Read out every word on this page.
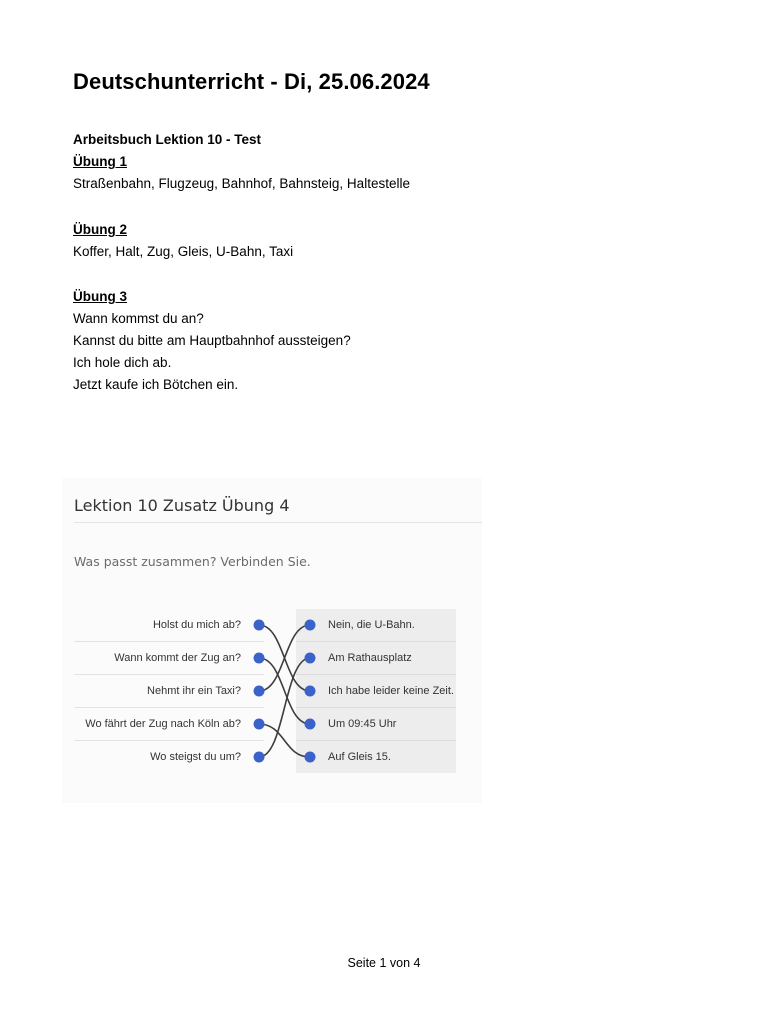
Deutschunterricht - Di, 25.06.2024
Arbeitsbuch Lektion 10 - Test
Übung 1
Straßenbahn, Flugzeug, Bahnhof, Bahnsteig, Haltestelle
Übung 2
Koffer, Halt, Zug, Gleis, U-Bahn, Taxi
Übung 3
Wann kommst du an?
Kannst du bitte am Hauptbahnhof aussteigen?
Ich hole dich ab.
Jetzt kaufe ich Bötchen ein.
Lektion 10 Zusatz Übung 4
Was passt zusammen? Verbinden Sie.
Holst du mich ab?
Wann kommt der Zug an?
Nehmt ihr ein Taxi?
Wo fährt der Zug nach Köln ab?
Wo steigst du um?
Nein, die U-Bahn.
Am Rathausplatz
Ich habe leider keine Zeit.
Um 09:45 Uhr
Auf Gleis 15.
Seite 1 von 4
